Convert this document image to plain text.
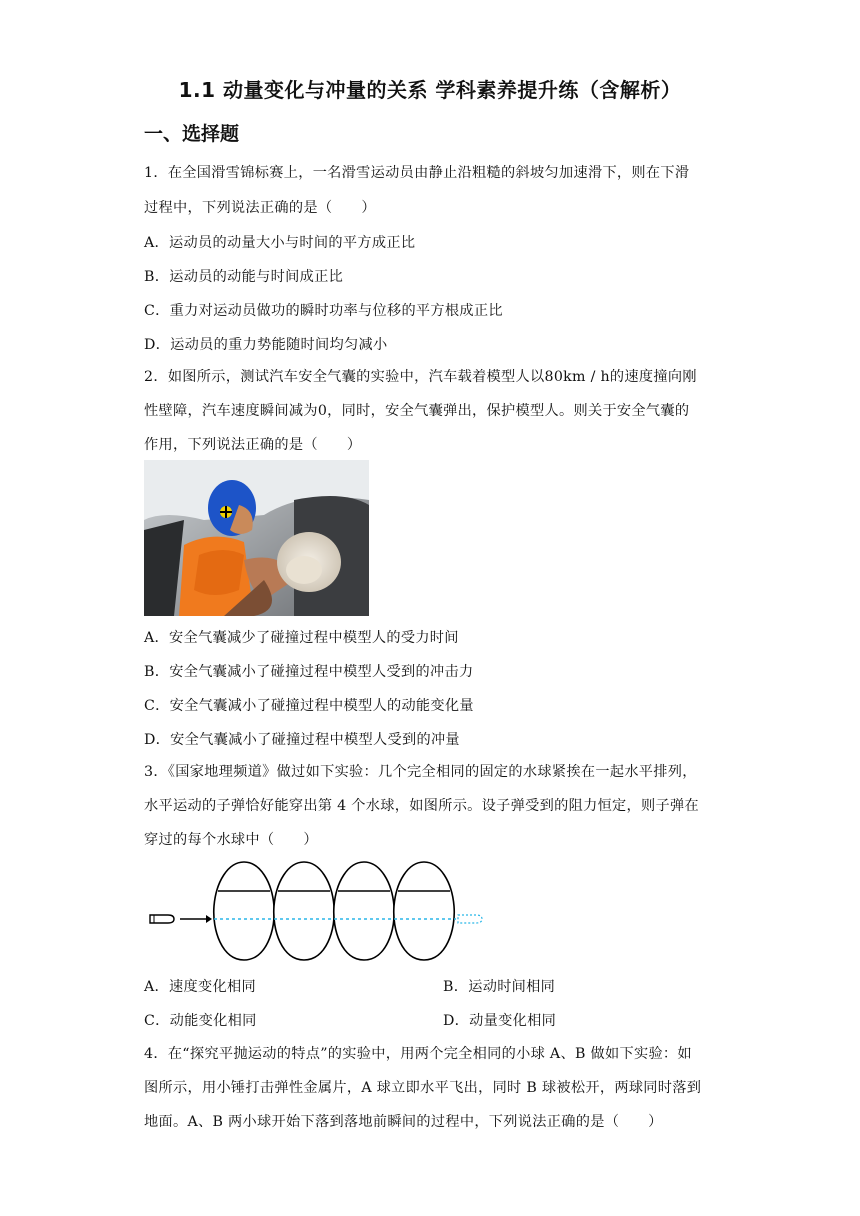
1.1 动量变化与冲量的关系 学科素养提升练（含解析）
一、选择题
1．在全国滑雪锦标赛上，一名滑雪运动员由静止沿粗糙的斜坡匀加速滑下，则在下滑
过程中，下列说法正确的是（　　）
A．运动员的动量大小与时间的平方成正比
B．运动员的动能与时间成正比
C．重力对运动员做功的瞬时功率与位移的平方根成正比
D．运动员的重力势能随时间均匀减小
2．如图所示，测试汽车安全气囊的实验中，汽车载着模型人以80km / h的速度撞向刚
性壁障，汽车速度瞬间减为0，同时，安全气囊弹出，保护模型人。则关于安全气囊的
作用，下列说法正确的是（　　）
A．安全气囊减少了碰撞过程中模型人的受力时间
B．安全气囊减小了碰撞过程中模型人受到的冲击力
C．安全气囊减小了碰撞过程中模型人的动能变化量
D．安全气囊减小了碰撞过程中模型人受到的冲量
3．《国家地理频道》做过如下实验：几个完全相同的固定的水球紧挨在一起水平排列，
水平运动的子弹恰好能穿出第 4 个水球，如图所示。设子弹受到的阻力恒定，则子弹在
穿过的每个水球中（　　）
A．速度变化相同	B．运动时间相同
C．动能变化相同	D．动量变化相同
4．在“探究平抛运动的特点”的实验中，用两个完全相同的小球 A、B 做如下实验：如
图所示，用小锤打击弹性金属片，A 球立即水平飞出，同时 B 球被松开，两球同时落到
地面。A、B 两小球开始下落到落地前瞬间的过程中，下列说法正确的是（　　）
